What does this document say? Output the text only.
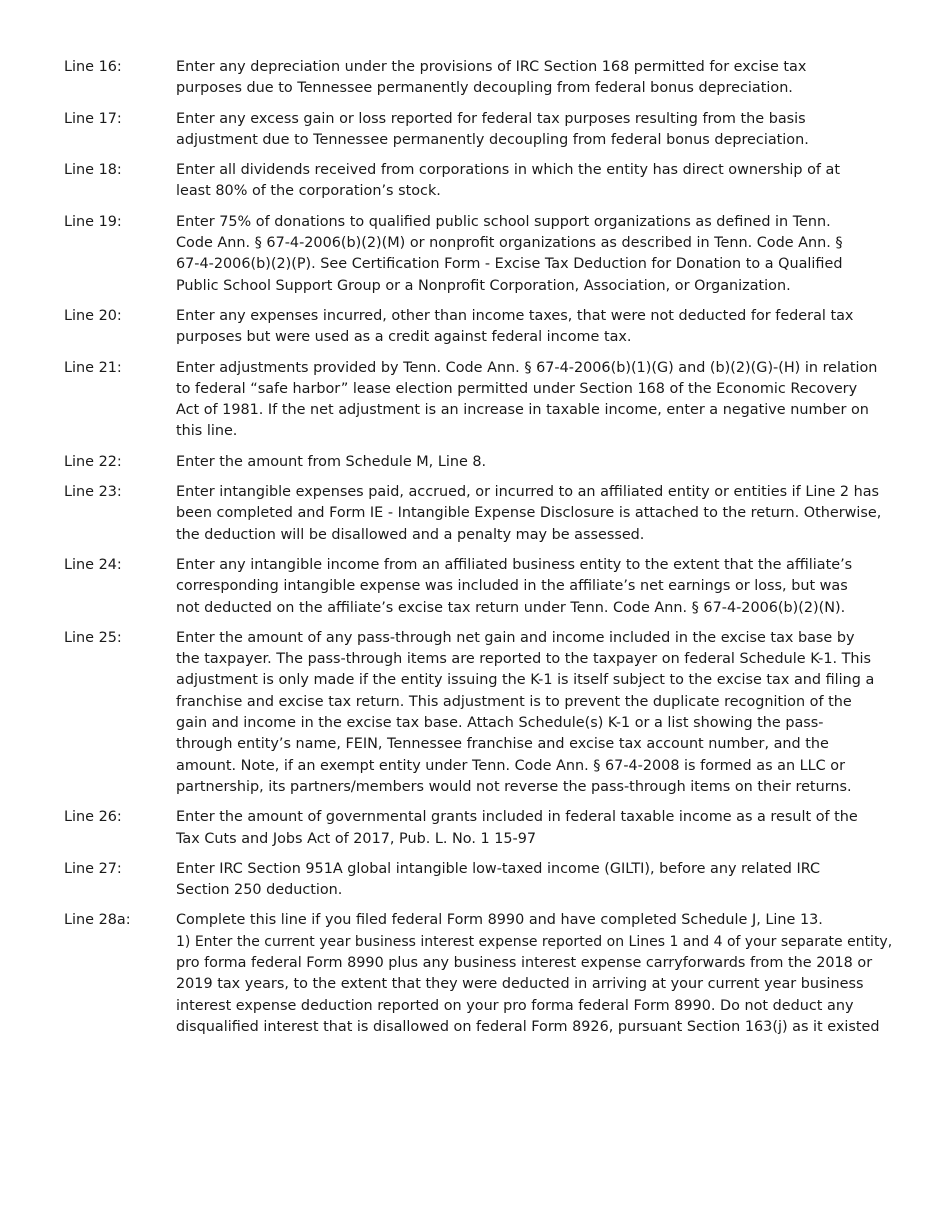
Line 16:	Enter any depreciation under the provisions of IRC Section 168 permitted for excise tax
purposes due to Tennessee permanently decoupling from federal bonus depreciation.
Line 17:	Enter any excess gain or loss reported for federal tax purposes resulting from the basis
adjustment due to Tennessee permanently decoupling from federal bonus depreciation.
Line 18:	Enter all dividends received from corporations in which the entity has direct ownership of at
least 80% of the corporation’s stock.
Line 19:	Enter 75% of donations to qualified public school support organizations as defined in Tenn.
Code Ann. § 67-4-2006(b)(2)(M) or nonprofit organizations as described in Tenn. Code Ann. §
67-4-2006(b)(2)(P). See Certification Form - Excise Tax Deduction for Donation to a Qualified
Public School Support Group or a Nonprofit Corporation, Association, or Organization.
Line 20:	Enter any expenses incurred, other than income taxes, that were not deducted for federal tax
purposes but were used as a credit against federal income tax.
Line 21:	Enter adjustments provided by Tenn. Code Ann. § 67-4-2006(b)(1)(G) and (b)(2)(G)-(H) in relation
to federal “safe harbor” lease election permitted under Section 168 of the Economic Recovery
Act of 1981. If the net adjustment is an increase in taxable income, enter a negative number on
this line.
Line 22:	Enter the amount from Schedule M, Line 8.
Line 23:	Enter intangible expenses paid, accrued, or incurred to an affiliated entity or entities if Line 2 has
been completed and Form IE - Intangible Expense Disclosure is attached to the return. Otherwise,
the deduction will be disallowed and a penalty may be assessed.
Line 24:	Enter any intangible income from an affiliated business entity to the extent that the affiliate’s
corresponding intangible expense was included in the affiliate’s net earnings or loss, but was
not deducted on the affiliate’s excise tax return under Tenn. Code Ann. § 67-4-2006(b)(2)(N).
Line 25:	Enter the amount of any pass-through net gain and income included in the excise tax base by
the taxpayer. The pass-through items are reported to the taxpayer on federal Schedule K-1. This
adjustment is only made if the entity issuing the K-1 is itself subject to the excise tax and filing a
franchise and excise tax return. This adjustment is to prevent the duplicate recognition of the
gain and income in the excise tax base. Attach Schedule(s) K-1 or a list showing the pass-
through entity’s name, FEIN, Tennessee franchise and excise tax account number, and the
amount. Note, if an exempt entity under Tenn. Code Ann. § 67-4-2008 is formed as an LLC or
partnership, its partners/members would not reverse the pass-through items on their returns.
Line 26:	Enter the amount of governmental grants included in federal taxable income as a result of the
Tax Cuts and Jobs Act of 2017, Pub. L. No. 1 15-97
Line 27:	Enter IRC Section 951A global intangible low-taxed income (GILTI), before any related IRC
Section 250 deduction.
Line 28a:	Complete this line if you filed federal Form 8990 and have completed Schedule J, Line 13.
1) Enter the current year business interest expense reported on Lines 1 and 4 of your separate entity,
pro forma federal Form 8990 plus any business interest expense carryforwards from the 2018 or
2019 tax years, to the extent that they were deducted in arriving at your current year business
interest expense deduction reported on your pro forma federal Form 8990. Do not deduct any
disqualified interest that is disallowed on federal Form 8926, pursuant Section 163(j) as it existed
